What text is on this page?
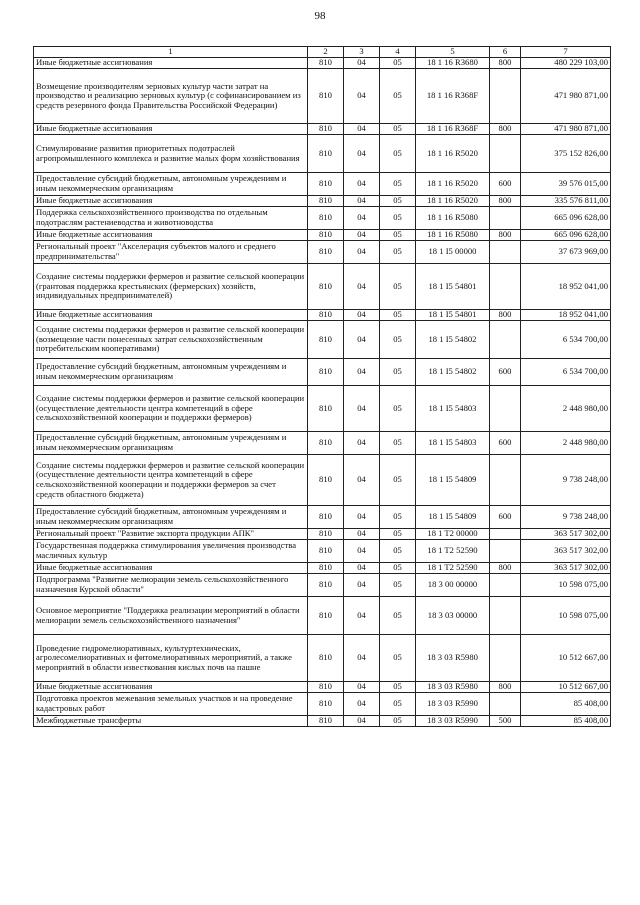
98
1	2	3	4	5	6	7
Иные бюджетные ассигнования	810	04	05	18 1 16 R3680	800	480 229 103,00
Возмещение производителям зерновых культур части затрат на производство и реализацию зерновых культур (с софинансированием из средств резервного фонда Правительства Российской Федерации)	810	04	05	18 1 16 R368F		471 980 871,00
Иные бюджетные ассигнования	810	04	05	18 1 16 R368F	800	471 980 871,00
Стимулирование развития приоритетных подотраслей агропромышленного комплекса и развитие малых форм хозяйствования	810	04	05	18 1 16 R5020		375 152 826,00
Предоставление субсидий бюджетным, автономным учреждениям и иным некоммерческим организациям	810	04	05	18 1 16 R5020	600	39 576 015,00
Иные бюджетные ассигнования	810	04	05	18 1 16 R5020	800	335 576 811,00
Поддержка сельскохозяйственного производства по отдельным подотраслям растениеводства и животноводства	810	04	05	18 1 16 R5080		665 096 628,00
Иные бюджетные ассигнования	810	04	05	18 1 16 R5080	800	665 096 628,00
Региональный проект "Акселерация субъектов малого и среднего предпринимательства"	810	04	05	18 1 I5 00000		37 673 969,00
Создание системы поддержки фермеров и развитие сельской кооперации (грантовая поддержка крестьянских (фермерских) хозяйств, индивидуальных предпринимателей)	810	04	05	18 1 I5 54801		18 952 041,00
Иные бюджетные ассигнования	810	04	05	18 1 I5 54801	800	18 952 041,00
Создание системы поддержки фермеров и развитие сельской кооперации (возмещение части понесенных затрат сельскохозяйственным потребительским кооперативами)	810	04	05	18 1 I5 54802		6 534 700,00
Предоставление субсидий бюджетным, автономным учреждениям и иным некоммерческим организациям	810	04	05	18 1 I5 54802	600	6 534 700,00
Создание системы поддержки фермеров и развитие сельской кооперации (осуществление деятельности центра компетенций в сфере сельскохозяйственной кооперации и поддержки фермеров)	810	04	05	18 1 I5 54803		2 448 980,00
Предоставление субсидий бюджетным, автономным учреждениям и иным некоммерческим организациям	810	04	05	18 1 I5 54803	600	2 448 980,00
Создание системы поддержки фермеров и развитие сельской кооперации (осуществление деятельности центра компетенций в сфере сельскохозяйственной кооперации и поддержки фермеров за счет средств областного бюджета)	810	04	05	18 1 I5 54809		9 738 248,00
Предоставление субсидий бюджетным, автономным учреждениям и иным некоммерческим организациям	810	04	05	18 1 I5 54809	600	9 738 248,00
Региональный проект "Развитие экспорта продукции АПК"	810	04	05	18 1 T2 00000		363 517 302,00
Государственная поддержка стимулирования увеличения производства масличных культур	810	04	05	18 1 T2 52590		363 517 302,00
Иные бюджетные ассигнования	810	04	05	18 1 T2 52590	800	363 517 302,00
Подпрограмма "Развитие мелиорации земель сельскохозяйственного назначения Курской области"	810	04	05	18 3 00 00000		10 598 075,00
Основное мероприятие "Поддержка реализации мероприятий в области мелиорации земель сельскохозяйственного назначения"	810	04	05	18 3 03 00000		10 598 075,00
Проведение гидромелиоративных, культуртехнических, агролесомелиоративных и фитомелиоративных мероприятий, а также мероприятий в области известкования кислых почв на пашне	810	04	05	18 3 03 R5980		10 512 667,00
Иные бюджетные ассигнования	810	04	05	18 3 03 R5980	800	10 512 667,00
Подготовка проектов межевания земельных участков и на проведение кадастровых работ	810	04	05	18 3 03 R5990		85 408,00
Межбюджетные трансферты	810	04	05	18 3 03 R5990	500	85 408,00
